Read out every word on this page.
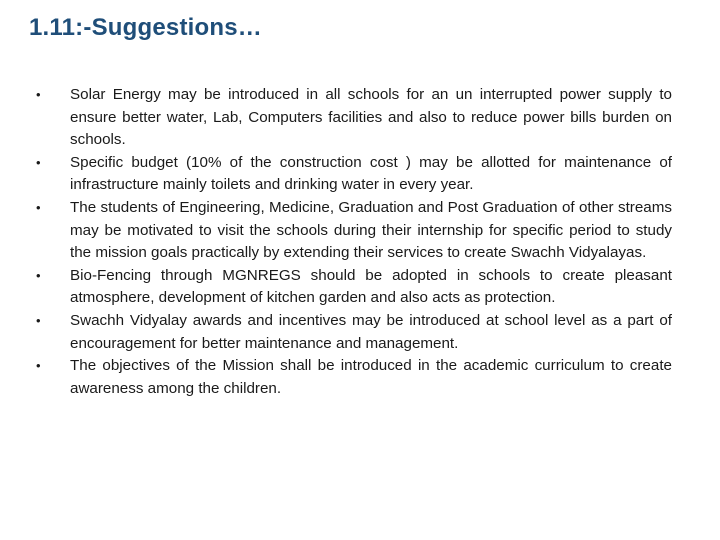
1.11:-Suggestions…
•	Solar Energy may be introduced in all schools for an un interrupted power supply to ensure better water, Lab, Computers facilities and also to reduce power bills burden on schools.
•	Specific budget (10% of the construction cost ) may be allotted for maintenance of infrastructure mainly toilets and drinking water in every year.
•	The students of Engineering, Medicine, Graduation and Post Graduation of other streams may be motivated to visit the schools during their internship for specific period to study the mission goals practically by extending their services to create Swachh Vidyalayas.
•	Bio-Fencing through MGNREGS should be adopted in schools to create pleasant atmosphere, development of kitchen garden and also acts as protection.
•	Swachh Vidyalay awards and incentives may be introduced at school level as a part of encouragement for better maintenance and management.
•	The objectives of the Mission shall be introduced in the academic curriculum to create awareness among the children.
